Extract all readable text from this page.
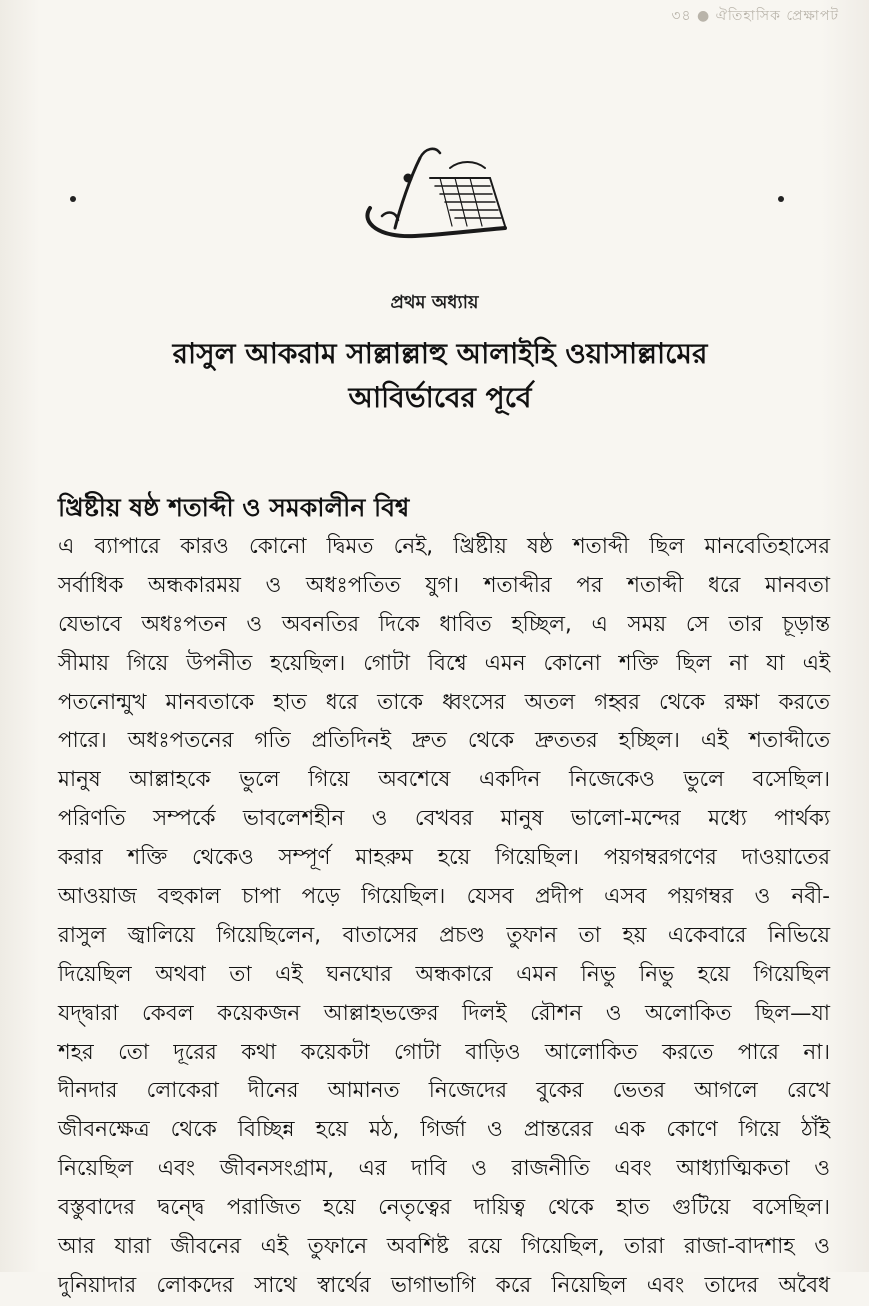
৩৪ ● ঐতিহাসিক প্রেক্ষাপট
প্রথম অধ্যায়
রাসুল আকরাম সাল্লাল্লাহু আলাইহি ওয়াসাল্লামের
আবির্ভাবের পূর্বে
খ্রিষ্টীয় ষষ্ঠ শতাব্দী ও সমকালীন বিশ্ব
এ ব্যাপারে কারও কোনো দ্বিমত নেই, খ্রিষ্টীয় ষষ্ঠ শতাব্দী ছিল মানবেতিহাসের
সর্বাধিক অন্ধকারময় ও অধঃপতিত যুগ। শতাব্দীর পর শতাব্দী ধরে মানবতা
যেভাবে অধঃপতন ও অবনতির দিকে ধাবিত হচ্ছিল, এ সময় সে তার চূড়ান্ত
সীমায় গিয়ে উপনীত হয়েছিল। গোটা বিশ্বে এমন কোনো শক্তি ছিল না যা এই
পতনোন্মুখ মানবতাকে হাত ধরে তাকে ধ্বংসের অতল গহ্বর থেকে রক্ষা করতে
পারে। অধঃপতনের গতি প্রতিদিনই দ্রুত থেকে দ্রুততর হচ্ছিল। এই শতাব্দীতে
মানুষ আল্লাহকে ভুলে গিয়ে অবশেষে একদিন নিজেকেও ভুলে বসেছিল।
পরিণতি সম্পর্কে ভাবলেশহীন ও বেখবর মানুষ ভালো-মন্দের মধ্যে পার্থক্য
করার শক্তি থেকেও সম্পূর্ণ মাহরুম হয়ে গিয়েছিল। পয়গম্বরগণের দাওয়াতের
আওয়াজ বহুকাল চাপা পড়ে গিয়েছিল। যেসব প্রদীপ এসব পয়গম্বর ও নবী-
রাসুল জ্বালিয়ে গিয়েছিলেন, বাতাসের প্রচণ্ড তুফান তা হয় একেবারে নিভিয়ে
দিয়েছিল অথবা তা এই ঘনঘোর অন্ধকারে এমন নিভু নিভু হয়ে গিয়েছিল
যদ্দ্বারা কেবল কয়েকজন আল্লাহভক্তের দিলই রৌশন ও অলোকিত ছিল—যা
শহর তো দূরের কথা কয়েকটা গোটা বাড়িও আলোকিত করতে পারে না।
দীনদার লোকেরা দীনের আমানত নিজেদের বুকের ভেতর আগলে রেখে
জীবনক্ষেত্র থেকে বিচ্ছিন্ন হয়ে মঠ, গির্জা ও প্রান্তরের এক কোণে গিয়ে ঠাঁই
নিয়েছিল এবং জীবনসংগ্রাম, এর দাবি ও রাজনীতি এবং আধ্যাত্মিকতা ও
বস্তুবাদের দ্বন্দ্বে পরাজিত হয়ে নেতৃত্বের দায়িত্ব থেকে হাত গুটিয়ে বসেছিল।
আর যারা জীবনের এই তুফানে অবশিষ্ট রয়ে গিয়েছিল, তারা রাজা-বাদশাহ ও
দুনিয়াদার লোকদের সাথে স্বার্থের ভাগাভাগি করে নিয়েছিল এবং তাদের অবৈধ
